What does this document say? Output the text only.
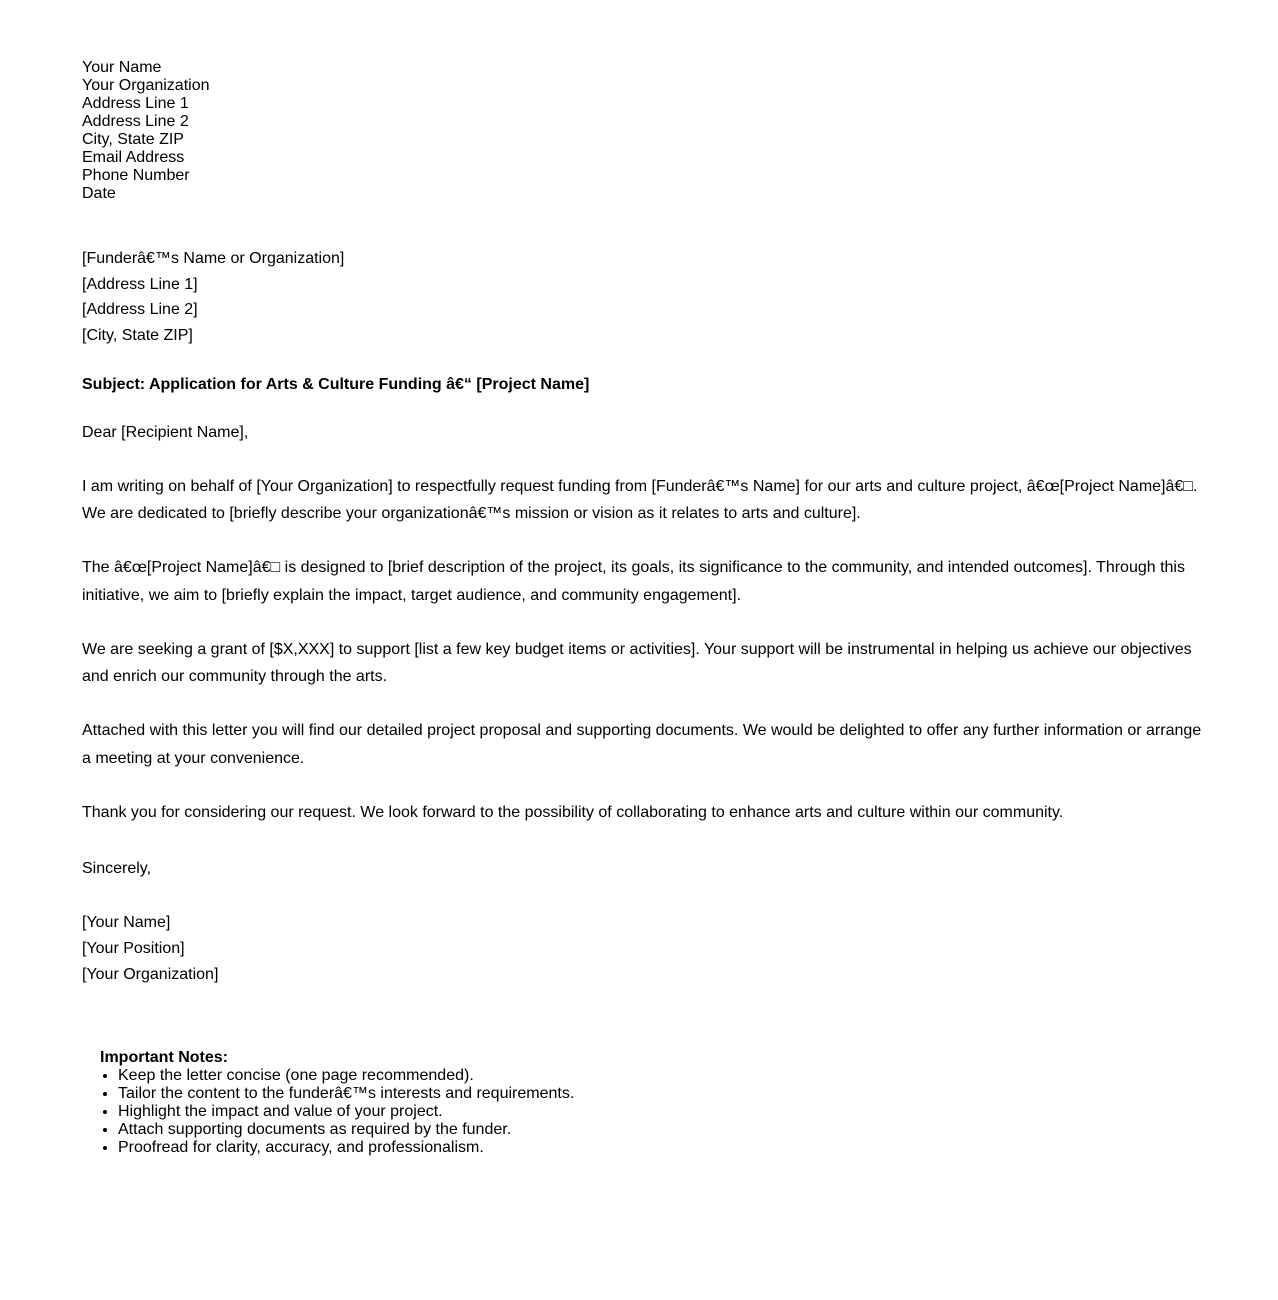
Your Name
Your Organization
Address Line 1
Address Line 2
City, State ZIP
Email Address
Phone Number
Date
[Funderâ€™s Name or Organization]
[Address Line 1]
[Address Line 2]
[City, State ZIP]
Subject: Application for Arts & Culture Funding â€“ [Project Name]
Dear [Recipient Name],

I am writing on behalf of [Your Organization] to respectfully request funding from [Funderâ€™s Name] for our arts and culture project, â€œ[Project Name]â€□. We are dedicated to [briefly describe your organizationâ€™s mission or vision as it relates to arts and culture].

The â€œ[Project Name]â€□ is designed to [brief description of the project, its goals, its significance to the community, and intended outcomes]. Through this initiative, we aim to [briefly explain the impact, target audience, and community engagement].

We are seeking a grant of [$X,XXX] to support [list a few key budget items or activities]. Your support will be instrumental in helping us achieve our objectives and enrich our community through the arts.

Attached with this letter you will find our detailed project proposal and supporting documents. We would be delighted to offer any further information or arrange a meeting at your convenience.

Thank you for considering our request. We look forward to the possibility of collaborating to enhance arts and culture within our community.

Sincerely,
[Your Name]
[Your Position]
[Your Organization]
Important Notes:
• Keep the letter concise (one page recommended).
• Tailor the content to the funderâ€™s interests and requirements.
• Highlight the impact and value of your project.
• Attach supporting documents as required by the funder.
• Proofread for clarity, accuracy, and professionalism.
